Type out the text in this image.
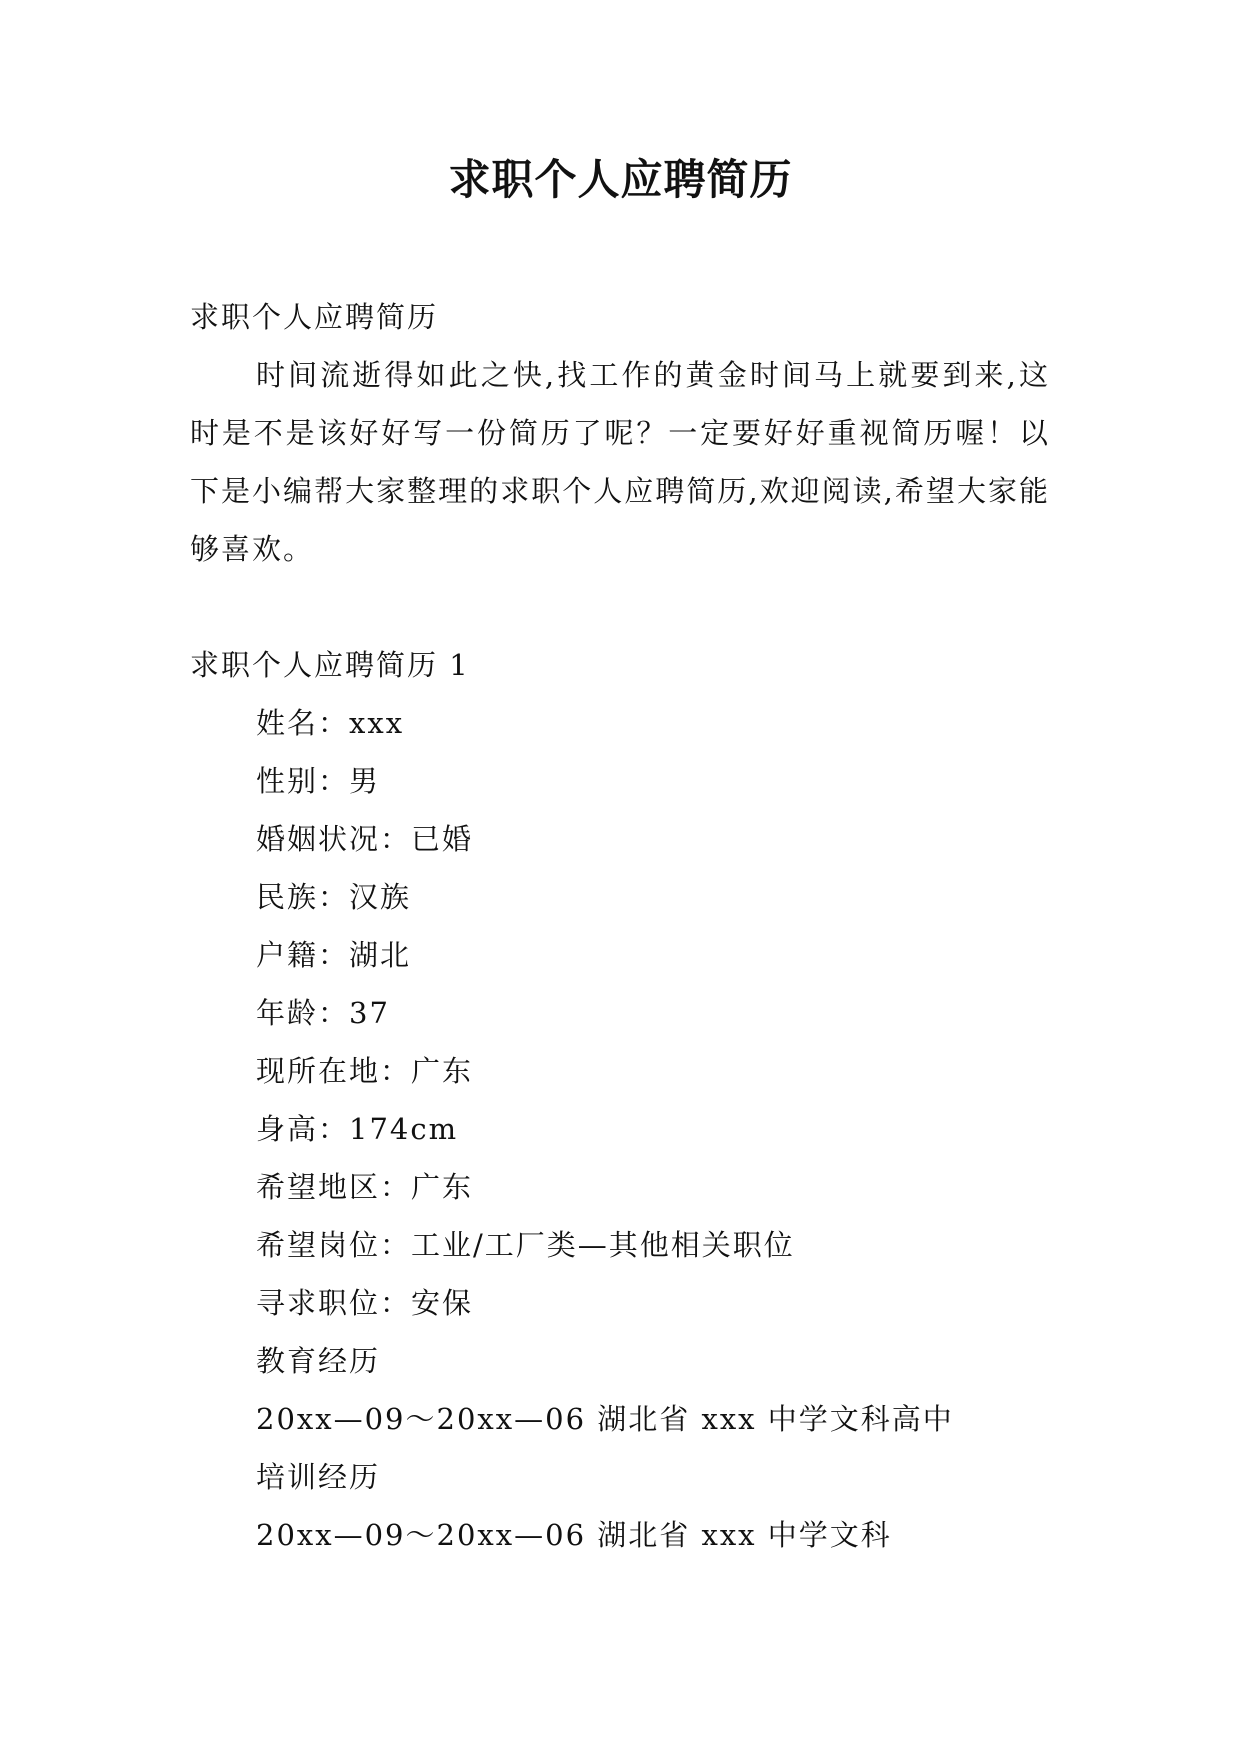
求职个人应聘简历
求职个人应聘简历

时间流逝得如此之快,找工作的黄金时间马上就要到来,这时是不是该好好写一份简历了呢？一定要好好重视简历喔！以下是小编帮大家整理的求职个人应聘简历,欢迎阅读,希望大家能够喜欢。

求职个人应聘简历 1
姓名：xxx
性别：男
婚姻状况：已婚
民族：汉族
户籍：湖北
年龄：37
现所在地：广东
身高：174cm
希望地区：广东
希望岗位：工业/工厂类—其他相关职位
寻求职位：安保
教育经历
20xx—09～20xx—06 湖北省 xxx 中学文科高中
培训经历
20xx—09～20xx—06 湖北省 xxx 中学文科
